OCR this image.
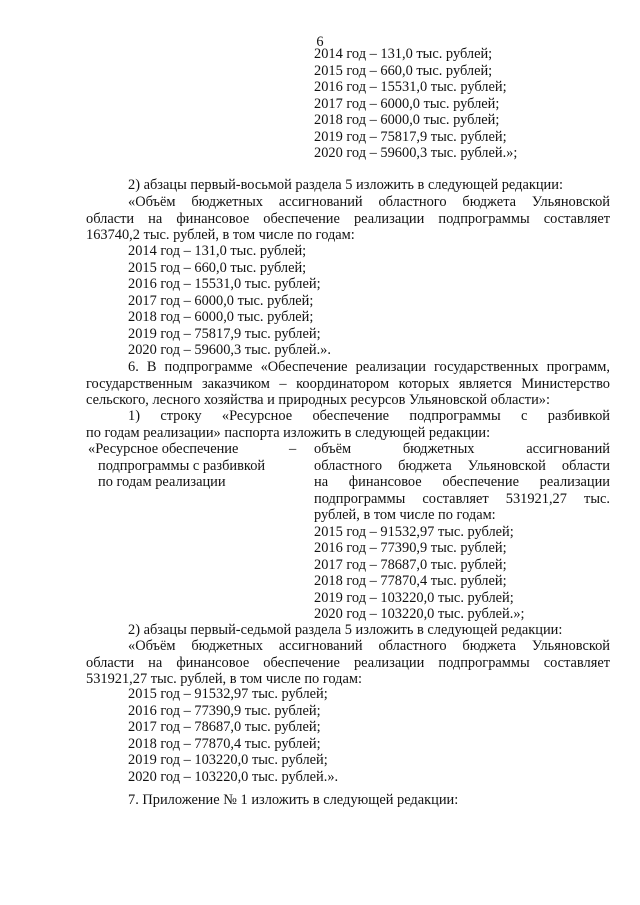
6
2014 год – 131,0 тыс. рублей;
2015 год – 660,0 тыс. рублей;
2016 год – 15531,0 тыс. рублей;
2017 год – 6000,0 тыс. рублей;
2018 год – 6000,0 тыс. рублей;
2019 год – 75817,9 тыс. рублей;
2020 год – 59600,3 тыс. рублей.»;
2) абзацы первый-восьмой раздела 5 изложить в следующей редакции:
«Объём бюджетных ассигнований областного бюджета Ульяновской
области на финансовое обеспечение реализации подпрограммы составляет
163740,2 тыс. рублей, в том числе по годам:
2014 год – 131,0 тыс. рублей;
2015 год – 660,0 тыс. рублей;
2016 год – 15531,0 тыс. рублей;
2017 год – 6000,0 тыс. рублей;
2018 год – 6000,0 тыс. рублей;
2019 год – 75817,9 тыс. рублей;
2020 год – 59600,3 тыс. рублей.».
6. В подпрограмме «Обеспечение реализации государственных программ,
государственным заказчиком – координатором которых является Министерство
сельского, лесного хозяйства и природных ресурсов Ульяновской области»:
1) строку «Ресурсное обеспечение подпрограммы с разбивкой
по годам реализации» паспорта изложить в следующей редакции:
«Ресурсное обеспечение
подпрограммы с разбивкой
по годам реализации
– объём бюджетных ассигнований
областного бюджета Ульяновской области
на финансовое обеспечение реализации
подпрограммы составляет 531921,27 тыс.
рублей, в том числе по годам:
2015 год – 91532,97 тыс. рублей;
2016 год – 77390,9 тыс. рублей;
2017 год – 78687,0 тыс. рублей;
2018 год – 77870,4 тыс. рублей;
2019 год – 103220,0 тыс. рублей;
2020 год – 103220,0 тыс. рублей.»;
2) абзацы первый-седьмой раздела 5 изложить в следующей редакции:
«Объём бюджетных ассигнований областного бюджета Ульяновской
области на финансовое обеспечение реализации подпрограммы составляет
531921,27 тыс. рублей, в том числе по годам:
2015 год – 91532,97 тыс. рублей;
2016 год – 77390,9 тыс. рублей;
2017 год – 78687,0 тыс. рублей;
2018 год – 77870,4 тыс. рублей;
2019 год – 103220,0 тыс. рублей;
2020 год – 103220,0 тыс. рублей.».
7. Приложение № 1 изложить в следующей редакции:
